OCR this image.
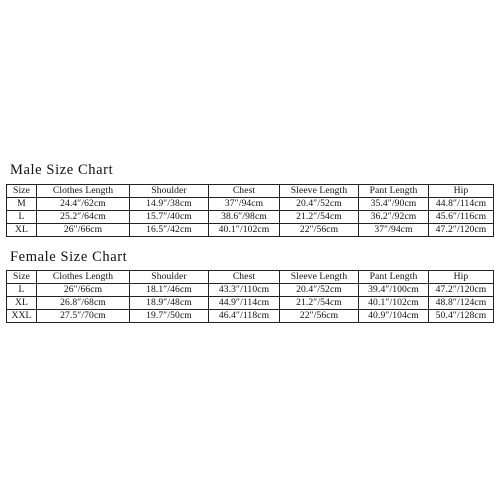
Male Size Chart
Size	Clothes Length	Shoulder	Chest	Sleeve Length	Pant Length	Hip
M	24.4″/62cm	14.9″/38cm	37″/94cm	20.4″/52cm	35.4″/90cm	44.8″/114cm
L	25.2″/64cm	15.7″/40cm	38.6″/98cm	21.2″/54cm	36.2″/92cm	45.6″/116cm
XL	26″/66cm	16.5″/42cm	40.1″/102cm	22″/56cm	37″/94cm	47.2″/120cm
Female Size Chart
Size	Clothes Length	Shoulder	Chest	Sleeve Length	Pant Length	Hip
L	26″/66cm	18.1″/46cm	43.3″/110cm	20.4″/52cm	39.4″/100cm	47.2″/120cm
XL	26.8″/68cm	18.9″/48cm	44.9″/114cm	21.2″/54cm	40.1″/102cm	48.8″/124cm
XXL	27.5″/70cm	19.7″/50cm	46.4″/118cm	22″/56cm	40.9″/104cm	50.4″/128cm
